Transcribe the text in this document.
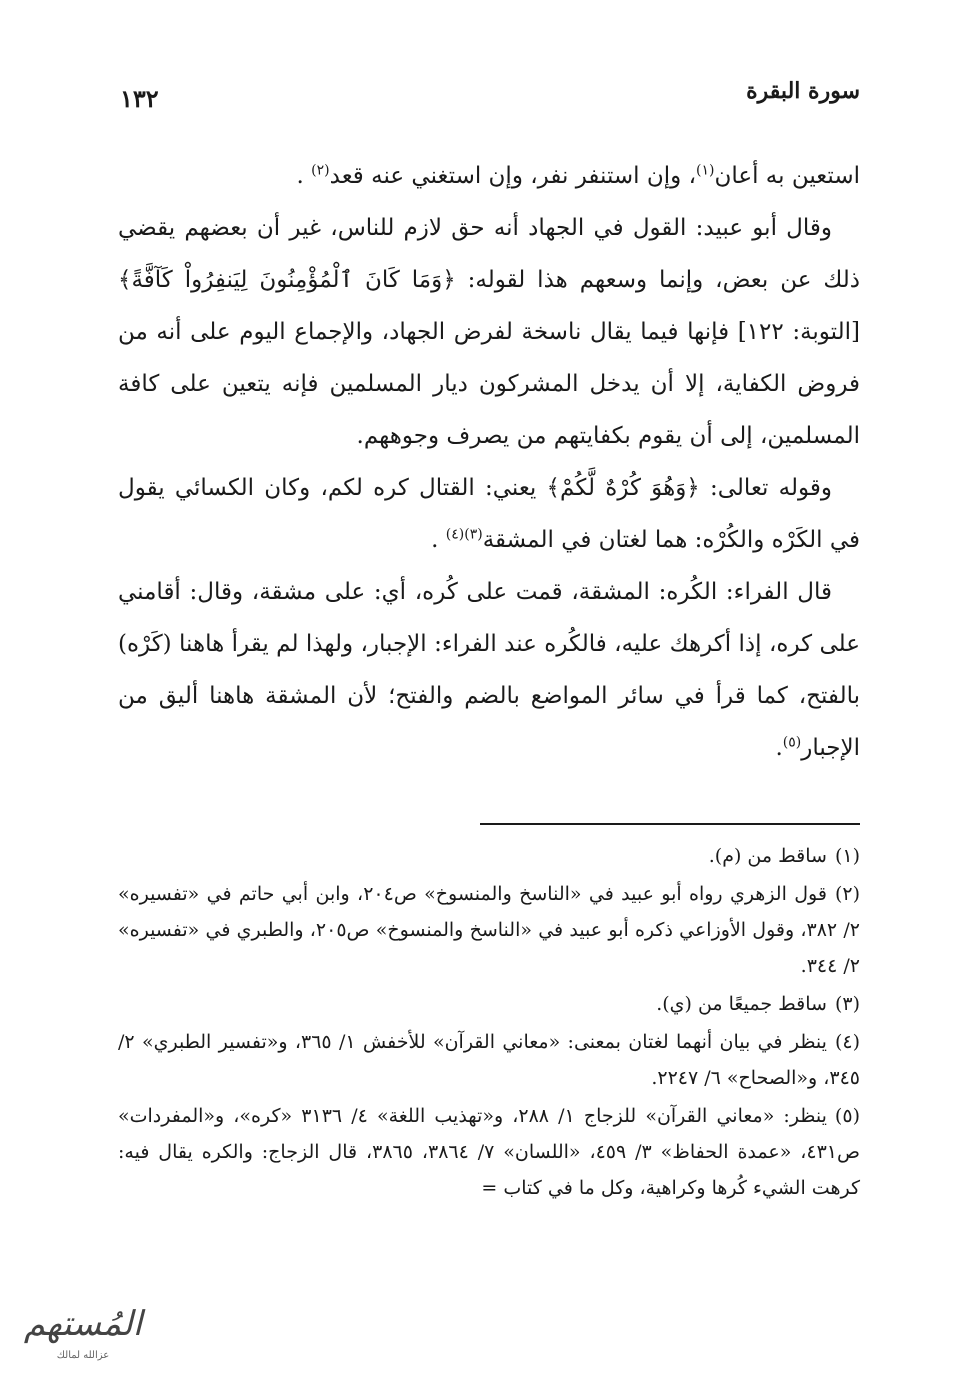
١٣٢	سورة البقرة

استعين به أعان$^{(١)}$، وإن استنفر نفر، وإن استغني عنه قعد$^{(٢)}$ .

وقال أبو عبيد: القول في الجهاد أنه حق لازم للناس، غير أن بعضهم يقضي ذلك عن بعض، وإنما وسعهم هذا لقوله: ﴿وَمَا كَانَ ٱلْمُؤْمِنُونَ لِيَنفِرُواْ كَآفَّةً﴾ [التوبة: ١٢٢] فإنها فيما يقال ناسخة لفرض الجهاد، والإجماع اليوم على أنه من فروض الكفاية، إلا أن يدخل المشركون ديار المسلمين فإنه يتعين على كافة المسلمين، إلى أن يقوم بكفايتهم من يصرف وجوههم.

وقوله تعالى: ﴿وَهُوَ كُرْهٌ لَّكُمْ﴾ يعني: القتال كره لكم، وكان الكسائي يقول في الكَرْه والكُرْه: هما لغتان في المشقة$^{(٣)(٤)}$ .

قال الفراء: الكُره: المشقة، قمت على كُره، أي: على مشقة، وقال: أقامني على كره، إذا أكرهك عليه، فالكُره عند الفراء: الإجبار، ولهذا لم يقرأ هاهنا (كَرْه) بالفتح، كما قرأ في سائر المواضع بالضم والفتح؛ لأن المشقة هاهنا أليق من الإجبار$^{(٥)}$.

(١)ساقط من (م).

(٢)قول الزهري رواه أبو عبيد في «الناسخ والمنسوخ» ص٢٠٤، وابن أبي حاتم في «تفسيره» ٢/ ٣٨٢، وقول الأوزاعي ذكره أبو عبيد في «الناسخ والمنسوخ» ص٢٠٥، والطبري في «تفسيره» ٢/ ٣٤٤.

(٣)ساقط جميعًا من (ي).

(٤)ينظر في بيان أنهما لغتان بمعنى: «معاني القرآن» للأخفش ١/ ٣٦٥، و«تفسير الطبري» ٢/ ٣٤٥، و«الصحاح» ٦/ ٢٢٤٧.

(٥)ينظر: «معاني القرآن» للزجاج ١/ ٢٨٨، و«تهذيب اللغة» ٤/ ٣١٣٦ «كره»، و«المفردات» ص٤٣١، «عمدة الحفاظ» ٣/ ٤٥٩، «اللسان» ٧/ ٣٨٦٤، ٣٨٦٥، قال الزجاج: والكره يقال فيه: كرهت الشيء كُرها وكراهية، وكل ما في كتاب =

المُستهم
عزالله لمالك
